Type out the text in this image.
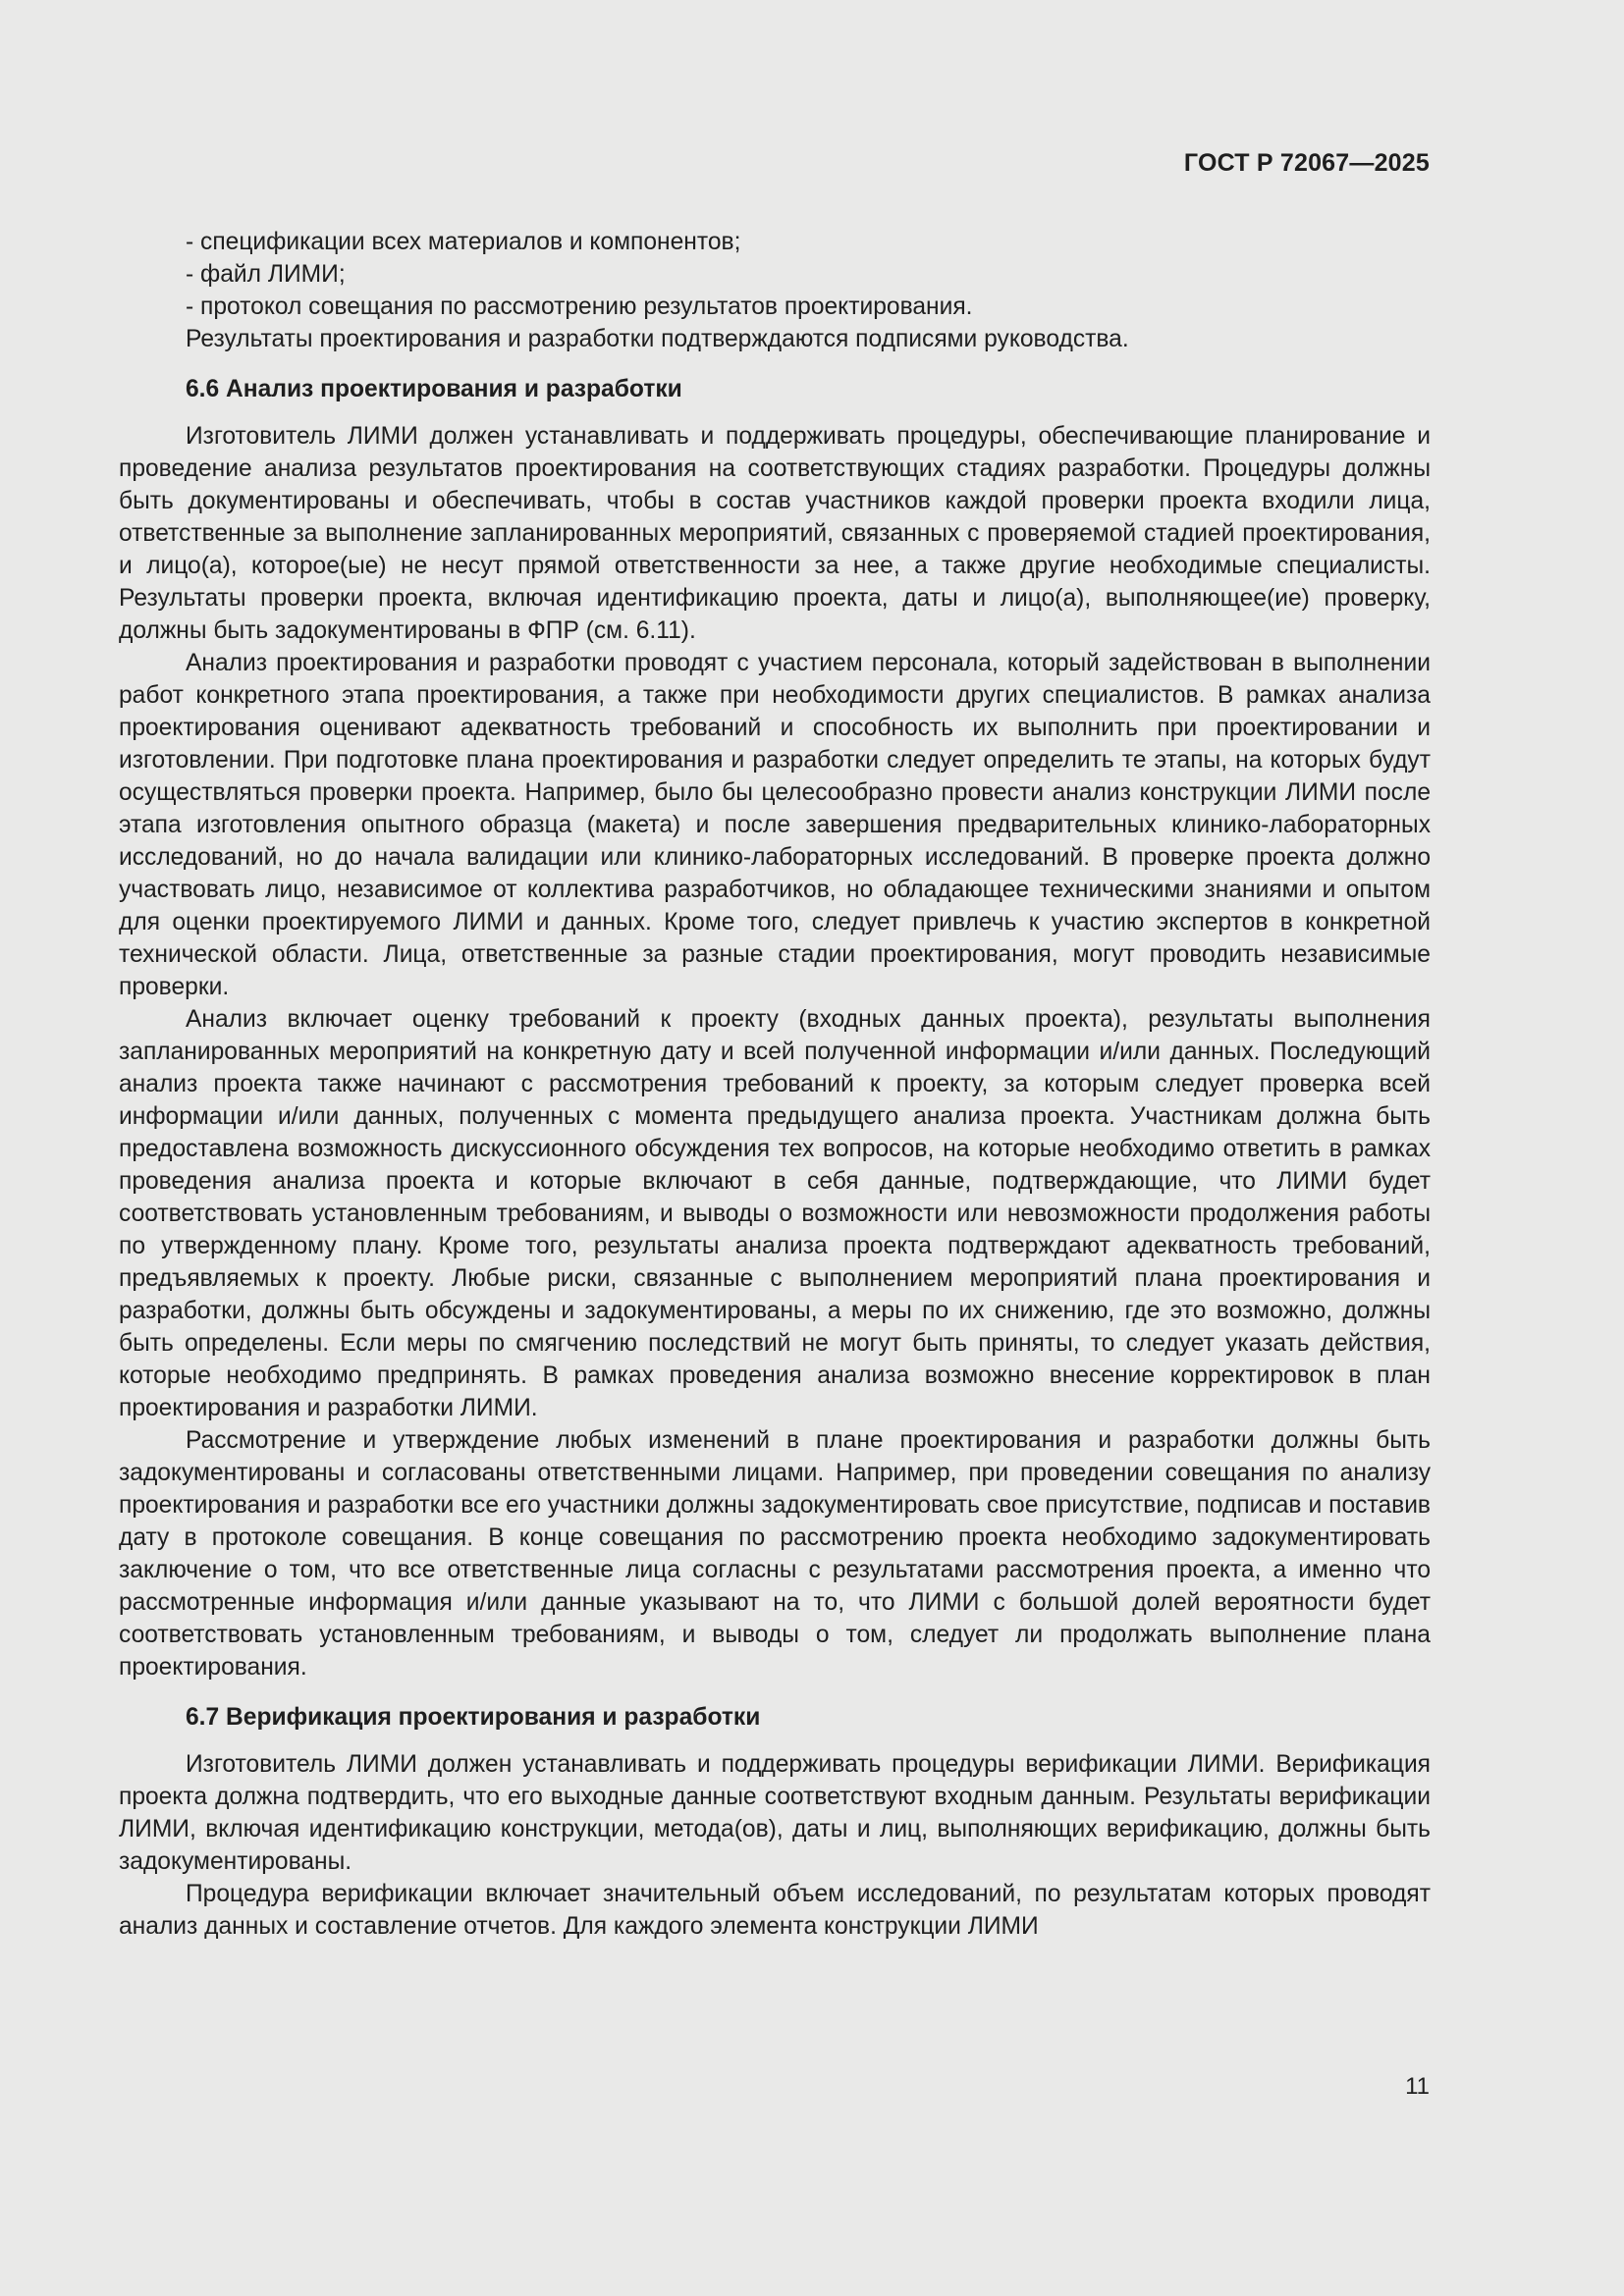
ГОСТ Р 72067—2025

- спецификации всех материалов и компонентов;

- файл ЛИМИ;

- протокол совещания по рассмотрению результатов проектирования.

Результаты проектирования и разработки подтверждаются подписями руководства.

6.6 Анализ проектирования и разработки

Изготовитель ЛИМИ должен устанавливать и поддерживать процедуры, обеспечивающие планирование и проведение анализа результатов проектирования на соответствующих стадиях разработки. Процедуры должны быть документированы и обеспечивать, чтобы в состав участников каждой проверки проекта входили лица, ответственные за выполнение запланированных мероприятий, связанных с проверяемой стадией проектирования, и лицо(а), которое(ые) не несут прямой ответственности за нее, а также другие необходимые специалисты. Результаты проверки проекта, включая идентификацию проекта, даты и лицо(а), выполняющее(ие) проверку, должны быть задокументированы в ФПР (см. 6.11).

Анализ проектирования и разработки проводят с участием персонала, который задействован в выполнении работ конкретного этапа проектирования, а также при необходимости других специалистов. В рамках анализа проектирования оценивают адекватность требований и способность их выполнить при проектировании и изготовлении. При подготовке плана проектирования и разработки следует определить те этапы, на которых будут осуществляться проверки проекта. Например, было бы целесообразно провести анализ конструкции ЛИМИ после этапа изготовления опытного образца (макета) и после завершения предварительных клинико-лабораторных исследований, но до начала валидации или клинико-лабораторных исследований. В проверке проекта должно участвовать лицо, независимое от коллектива разработчиков, но обладающее техническими знаниями и опытом для оценки проектируемого ЛИМИ и данных. Кроме того, следует привлечь к участию экспертов в конкретной технической области. Лица, ответственные за разные стадии проектирования, могут проводить независимые проверки.

Анализ включает оценку требований к проекту (входных данных проекта), результаты выполнения запланированных мероприятий на конкретную дату и всей полученной информации и/или данных. Последующий анализ проекта также начинают с рассмотрения требований к проекту, за которым следует проверка всей информации и/или данных, полученных с момента предыдущего анализа проекта. Участникам должна быть предоставлена возможность дискуссионного обсуждения тех вопросов, на которые необходимо ответить в рамках проведения анализа проекта и которые включают в себя данные, подтверждающие, что ЛИМИ будет соответствовать установленным требованиям, и выводы о возможности или невозможности продолжения работы по утвержденному плану. Кроме того, результаты анализа проекта подтверждают адекватность требований, предъявляемых к проекту. Любые риски, связанные с выполнением мероприятий плана проектирования и разработки, должны быть обсуждены и задокументированы, а меры по их снижению, где это возможно, должны быть определены. Если меры по смягчению последствий не могут быть приняты, то следует указать действия, которые необходимо предпринять. В рамках проведения анализа возможно внесение корректировок в план проектирования и разработки ЛИМИ.

Рассмотрение и утверждение любых изменений в плане проектирования и разработки должны быть задокументированы и согласованы ответственными лицами. Например, при проведении совещания по анализу проектирования и разработки все его участники должны задокументировать свое присутствие, подписав и поставив дату в протоколе совещания. В конце совещания по рассмотрению проекта необходимо задокументировать заключение о том, что все ответственные лица согласны с результатами рассмотрения проекта, а именно что рассмотренные информация и/или данные указывают на то, что ЛИМИ с большой долей вероятности будет соответствовать установленным требованиям, и выводы о том, следует ли продолжать выполнение плана проектирования.

6.7 Верификация проектирования и разработки

Изготовитель ЛИМИ должен устанавливать и поддерживать процедуры верификации ЛИМИ. Верификация проекта должна подтвердить, что его выходные данные соответствуют входным данным. Результаты верификации ЛИМИ, включая идентификацию конструкции, метода(ов), даты и лиц, выполняющих верификацию, должны быть задокументированы.

Процедура верификации включает значительный объем исследований, по результатам которых проводят анализ данных и составление отчетов. Для каждого элемента конструкции ЛИМИ

11
